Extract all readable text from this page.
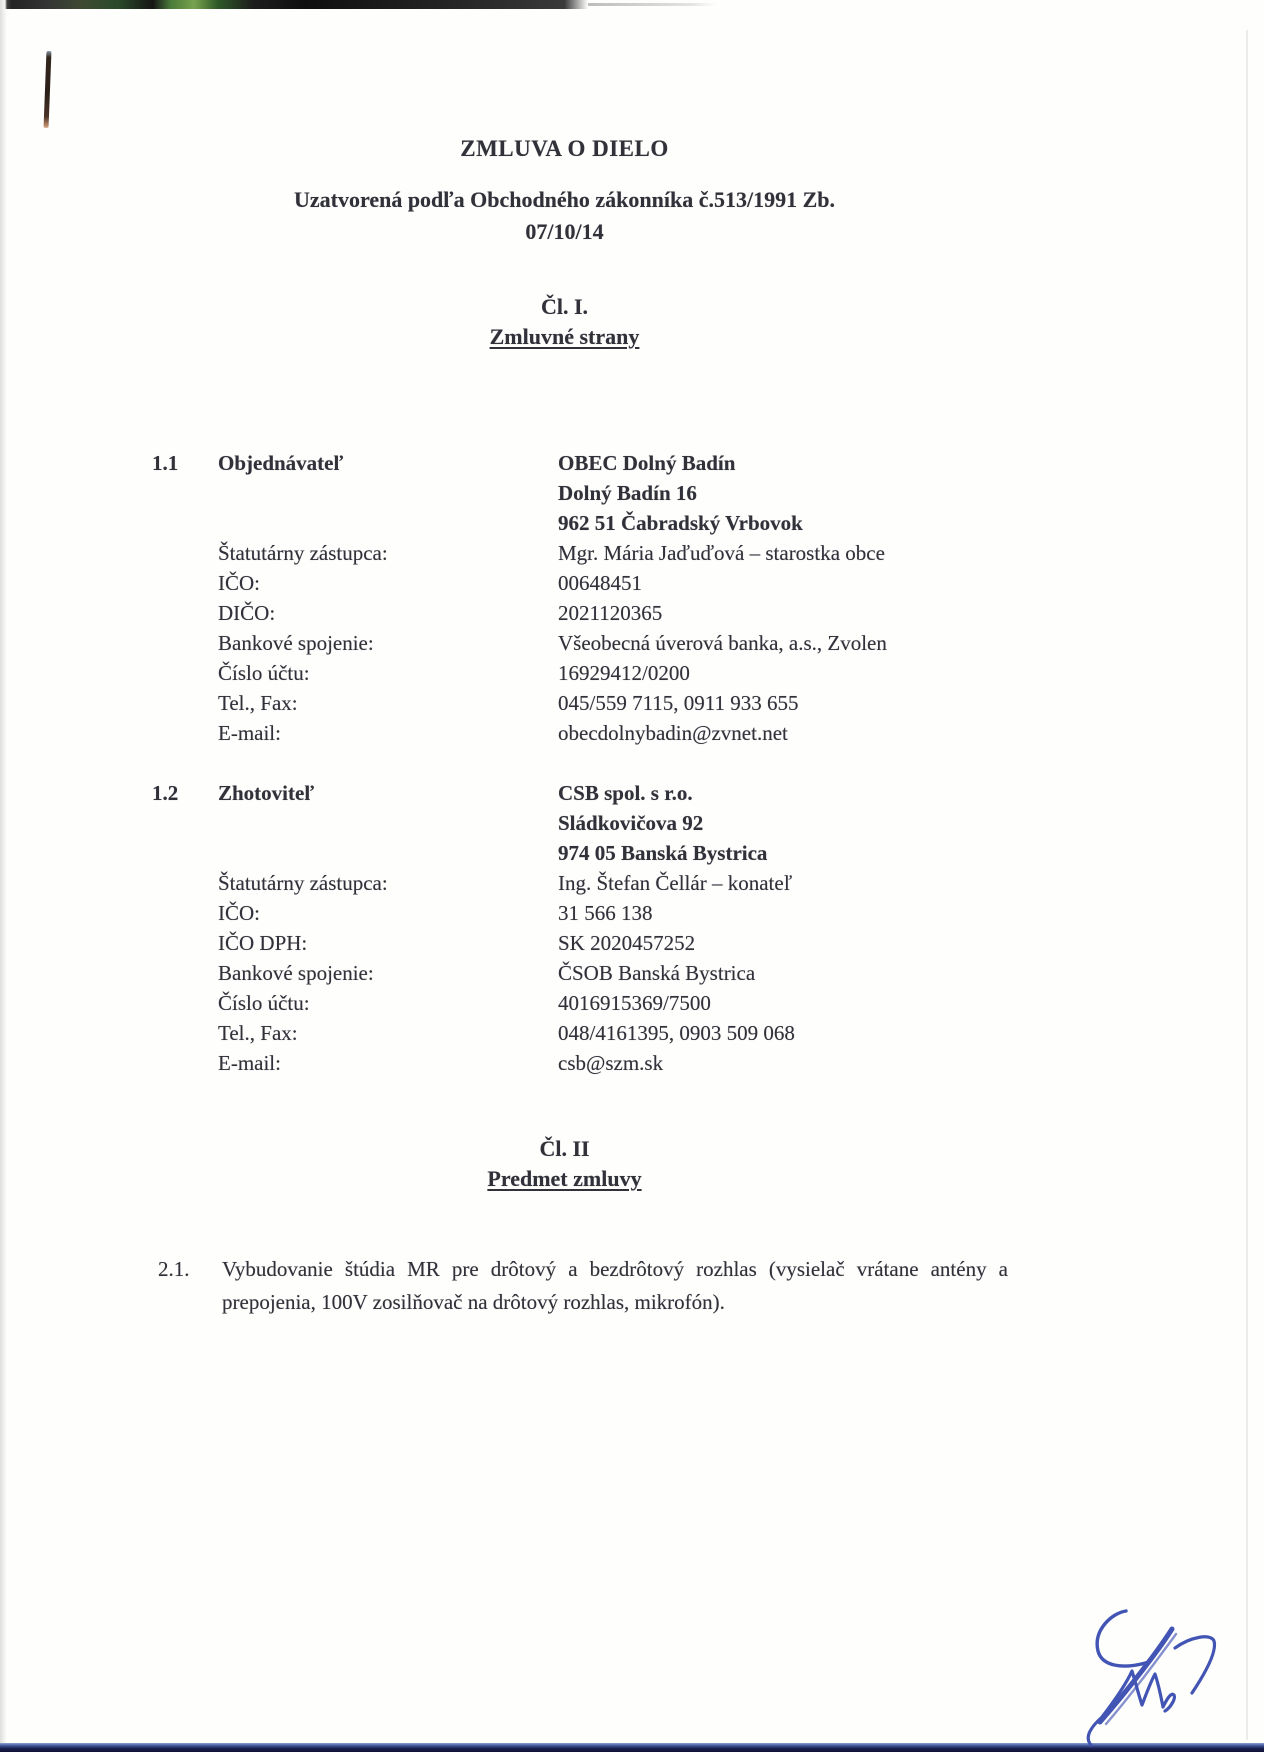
ZMLUVA O DIELO
Uzatvorená podľa Obchodného zákonníka č.513/1991 Zb.
07/10/14
Čl. I.
Zmluvné strany
1.1	Objednávateľ	OBEC Dolný Badín
Dolný Badín 16
962 51 Čabradský Vrbovok
Štatutárny zástupca:	Mgr. Mária Jaďuďová – starostka obce
IČO:	00648451
DIČO:	2021120365
Bankové spojenie:	Všeobecná úverová banka, a.s., Zvolen
Číslo účtu:	16929412/0200
Tel., Fax:	045/559 7115, 0911 933 655
E-mail:	obecdolnybadin@zvnet.net
1.2	Zhotoviteľ	CSB spol. s r.o.
Sládkovičova 92
974 05 Banská Bystrica
Štatutárny zástupca:	Ing. Štefan Čellár – konateľ
IČO:	31 566 138
IČO DPH:	SK 2020457252
Bankové spojenie:	ČSOB Banská Bystrica
Číslo účtu:	4016915369/7500
Tel., Fax:	048/4161395, 0903 509 068
E-mail:	csb@szm.sk
Čl. II
Predmet zmluvy
2.1.	Vybudovanie štúdia MR pre drôtový a bezdrôtový rozhlas (vysielač vrátane antény a prepojenia, 100V zosilňovač na drôtový rozhlas, mikrofón).
